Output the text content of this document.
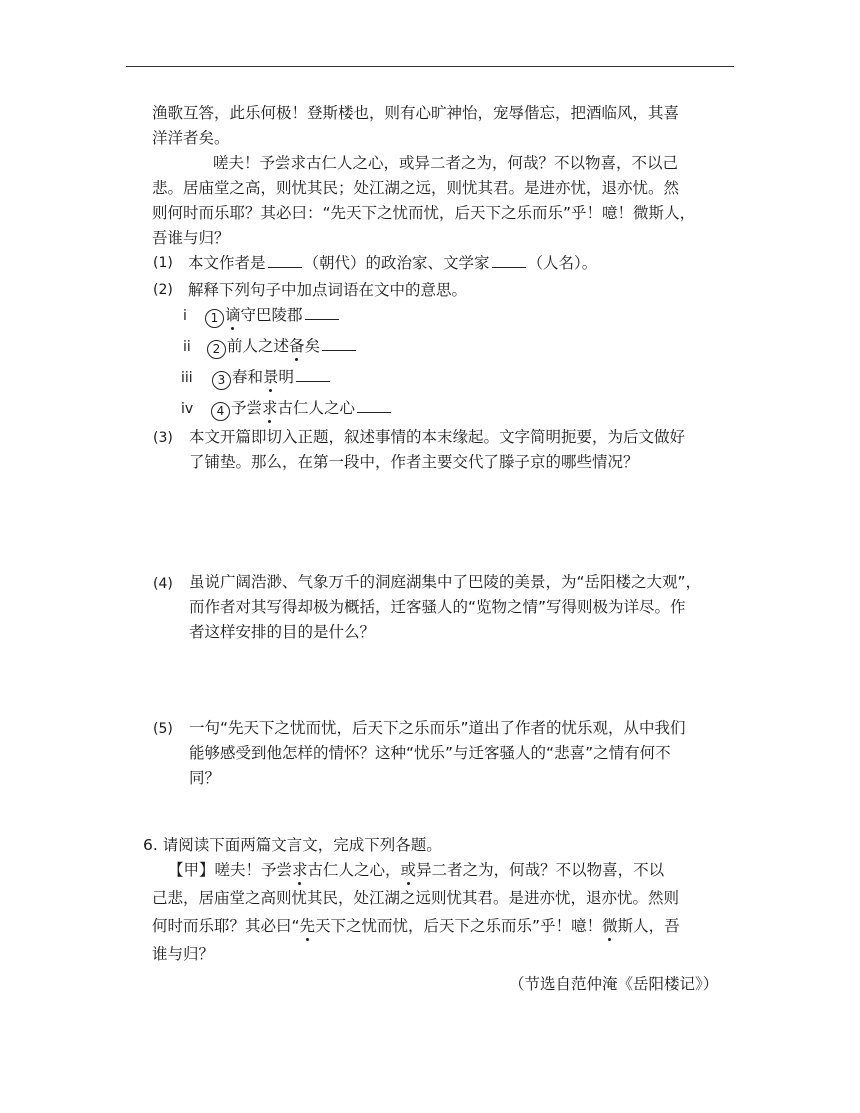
渔歌互答，此乐何极！登斯楼也，则有心旷神怡，宠辱偕忘，把酒临风，其喜
洋洋者矣。
嗟夫！予尝求古仁人之心，或异二者之为，何哉？不以物喜，不以己
悲。居庙堂之高，则忧其民；处江湖之远，则忧其君。是进亦忧，退亦忧。然
则何时而乐耶？其必曰：“先天下之忧而忧，后天下之乐而乐”乎！噫！微斯人，
吾谁与归？
(1) 本文作者是 （朝代）的政治家、文学家 （人名）。
(2) 解释下列句子中加点词语在文中的意思。
i	1 谪守巴陵郡
ii	2 前人之述备矣
iii	3 春和景明
iv	4 予尝求古仁人之心
(3) 本文开篇即切入正题，叙述事情的本末缘起。文字简明扼要，为后文做好
了铺垫。那么，在第一段中，作者主要交代了滕子京的哪些情况？
(4) 虽说广阔浩渺、气象万千的洞庭湖集中了巴陵的美景，为“岳阳楼之大观”，
而作者对其写得却极为概括，迁客骚人的“览物之情”写得则极为详尽。作
者这样安排的目的是什么？
(5) 一句“先天下之忧而忧，后天下之乐而乐”道出了作者的忧乐观，从中我们
能够感受到他怎样的情怀？这种“忧乐”与迁客骚人的“悲喜”之情有何不
同？
6. 请阅读下面两篇文言文，完成下列各题。
【甲】嗟夫！予尝求古仁人之心，或异二者之为，何哉？不以物喜，不以
己悲，居庙堂之高则忧其民，处江湖之远则忧其君。是进亦忧，退亦忧。然则
何时而乐耶？其必曰“先天下之忧而忧，后天下之乐而乐”乎！噫！微斯人，吾
谁与归？
（节选自范仲淹《岳阳楼记》）
